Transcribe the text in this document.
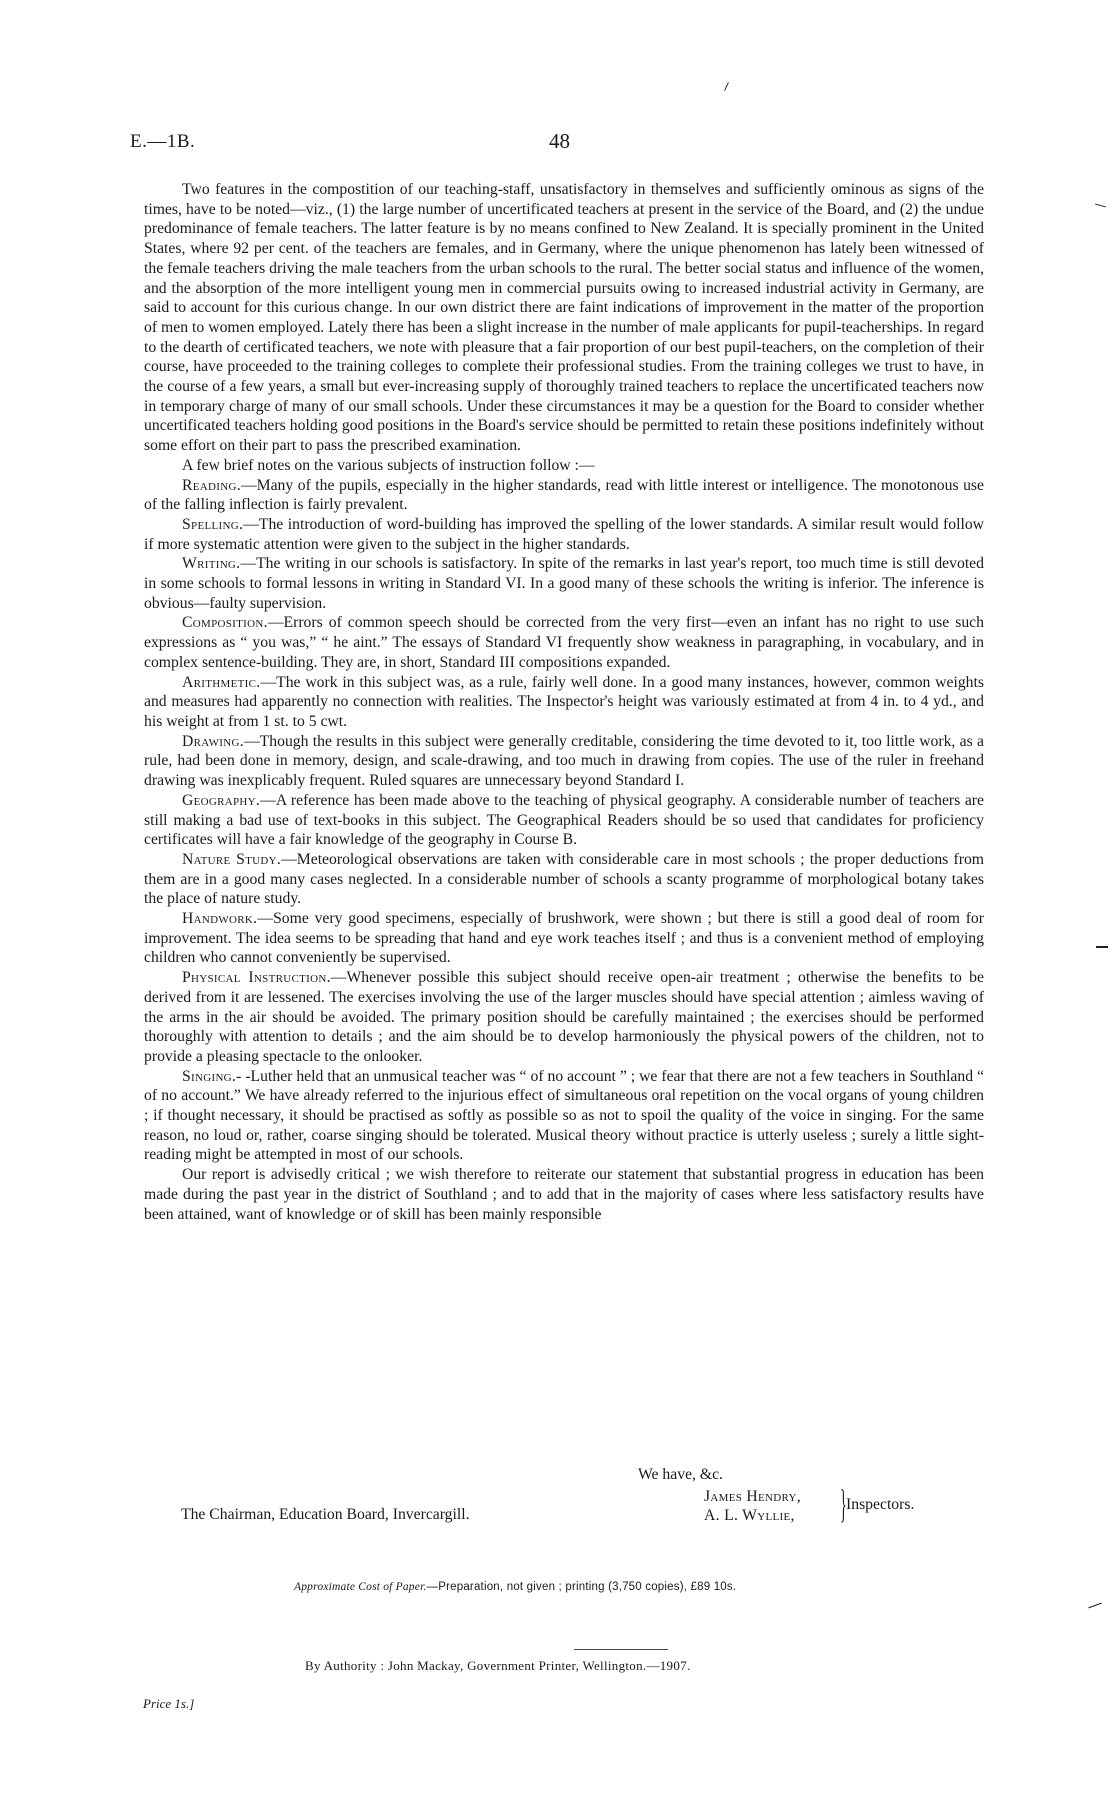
E.—1B.	48

Two features in the compostition of our teaching-staff, unsatisfactory in themselves and sufficiently ominous as signs of the times, have to be noted—viz., (1) the large number of uncertificated teachers at present in the service of the Board, and (2) the undue predominance of female teachers. The latter feature is by no means confined to New Zealand. It is specially prominent in the United States, where 92 per cent. of the teachers are females, and in Germany, where the unique phenomenon has lately been witnessed of the female teachers driving the male teachers from the urban schools to the rural. The better social status and influence of the women, and the absorption of the more intelligent young men in commercial pursuits owing to increased industrial activity in Germany, are said to account for this curious change. In our own district there are faint indications of improvement in the matter of the proportion of men to women employed. Lately there has been a slight increase in the number of male applicants for pupil-teacherships. In regard to the dearth of certificated teachers, we note with pleasure that a fair proportion of our best pupil-teachers, on the completion of their course, have proceeded to the training colleges to complete their professional studies. From the training colleges we trust to have, in the course of a few years, a small but ever-increasing supply of thoroughly trained teachers to replace the uncertificated teachers now in temporary charge of many of our small schools. Under these circumstances it may be a question for the Board to consider whether uncertificated teachers holding good positions in the Board's service should be permitted to retain these positions indefinitely without some effort on their part to pass the prescribed examination.

A few brief notes on the various subjects of instruction follow :—

Reading.—Many of the pupils, especially in the higher standards, read with little interest or intelligence. The monotonous use of the falling inflection is fairly prevalent.

Spelling.—The introduction of word-building has improved the spelling of the lower standards. A similar result would follow if more systematic attention were given to the subject in the higher standards.

Writing.—The writing in our schools is satisfactory. In spite of the remarks in last year's report, too much time is still devoted in some schools to formal lessons in writing in Standard VI. In a good many of these schools the writing is inferior. The inference is obvious—faulty supervision.

Composition.—Errors of common speech should be corrected from the very first—even an infant has no right to use such expressions as “ you was,” “ he aint.” The essays of Standard VI frequently show weakness in paragraphing, in vocabulary, and in complex sentence-building. They are, in short, Standard III compositions expanded.

Arithmetic.—The work in this subject was, as a rule, fairly well done. In a good many instances, however, common weights and measures had apparently no connection with realities. The Inspector's height was variously estimated at from 4 in. to 4 yd., and his weight at from 1 st. to 5 cwt.

Drawing.—Though the results in this subject were generally creditable, considering the time devoted to it, too little work, as a rule, had been done in memory, design, and scale-drawing, and too much in drawing from copies. The use of the ruler in freehand drawing was inexplicably frequent. Ruled squares are unnecessary beyond Standard I.

Geography.—A reference has been made above to the teaching of physical geography. A considerable number of teachers are still making a bad use of text-books in this subject. The Geographical Readers should be so used that candidates for proficiency certificates will have a fair knowledge of the geography in Course B.

Nature Study.—Meteorological observations are taken with considerable care in most schools ; the proper deductions from them are in a good many cases neglected. In a considerable number of schools a scanty programme of morphological botany takes the place of nature study.

Handwork.—Some very good specimens, especially of brushwork, were shown ; but there is still a good deal of room for improvement. The idea seems to be spreading that hand and eye work teaches itself ; and thus is a convenient method of employing children who cannot conveniently be supervised.

Physical Instruction.—Whenever possible this subject should receive open-air treatment ; otherwise the benefits to be derived from it are lessened. The exercises involving the use of the larger muscles should have special attention ; aimless waving of the arms in the air should be avoided. The primary position should be carefully maintained ; the exercises should be performed thoroughly with attention to details ; and the aim should be to develop harmoniously the physical powers of the children, not to provide a pleasing spectacle to the onlooker.

Singing.- -Luther held that an unmusical teacher was “ of no account ” ; we fear that there are not a few teachers in Southland “ of no account.” We have already referred to the injurious effect of simultaneous oral repetition on the vocal organs of young children ; if thought necessary, it should be practised as softly as possible so as not to spoil the quality of the voice in singing. For the same reason, no loud or, rather, coarse singing should be tolerated. Musical theory without practice is utterly useless ; surely a little sight-reading might be attempted in most of our schools.

Our report is advisedly critical ; we wish therefore to reiterate our statement that substantial progress in education has been made during the past year in the district of Southland ; and to add that in the majority of cases where less satisfactory results have been attained, want of knowledge or of skill has been mainly responsible

We have, &c.
The Chairman, Education Board, Invercargill.
James Hendry,
A. L. Wyllie, } Inspectors.
Approximate Cost of Paper.—Preparation, not given ; printing (3,750 copies), £89 10s.
By Authority : John Mackay, Government Printer, Wellington.—1907.
Price 1s.]
